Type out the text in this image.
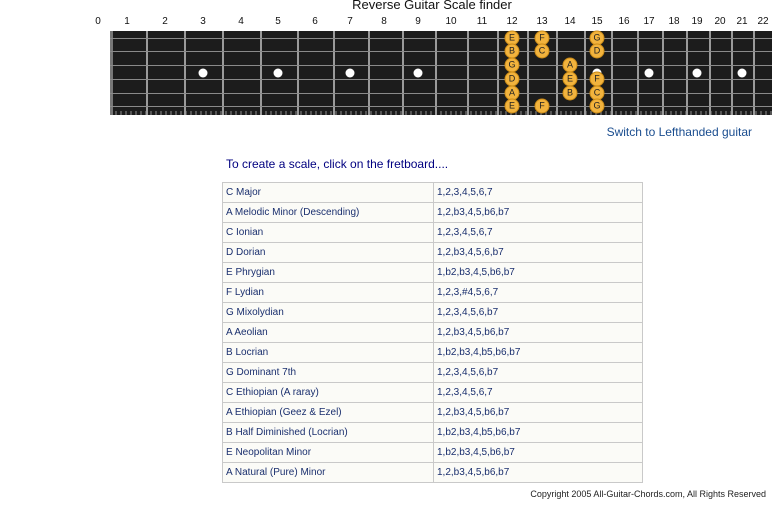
Reverse Guitar Scale finder
0 1	2	3	4	5	6	7	8	9 10 11 12 13 14 15 16 17 18 19 20 21 22
E
B
G
D
A
E
F
C
F
A
E
B
G
D
F
C
G
Switch to Lefthanded guitar
To create a scale, click on the fretboard....
C Major	1,2,3,4,5,6,7
A Melodic Minor (Descending)	1,2,b3,4,5,b6,b7
C Ionian	1,2,3,4,5,6,7
D Dorian	1,2,b3,4,5,6,b7
E Phrygian	1,b2,b3,4,5,b6,b7
F Lydian	1,2,3,#4,5,6,7
G Mixolydian	1,2,3,4,5,6,b7
A Aeolian	1,2,b3,4,5,b6,b7
B Locrian	1,b2,b3,4,b5,b6,b7
G Dominant 7th	1,2,3,4,5,6,b7
C Ethiopian (A raray)	1,2,3,4,5,6,7
A Ethiopian (Geez & Ezel)	1,2,b3,4,5,b6,b7
B Half Diminished (Locrian)	1,b2,b3,4,b5,b6,b7
E Neopolitan Minor	1,b2,b3,4,5,b6,b7
A Natural (Pure) Minor	1,2,b3,4,5,b6,b7
Copyright 2005 All-Guitar-Chords.com, All Rights Reserved
